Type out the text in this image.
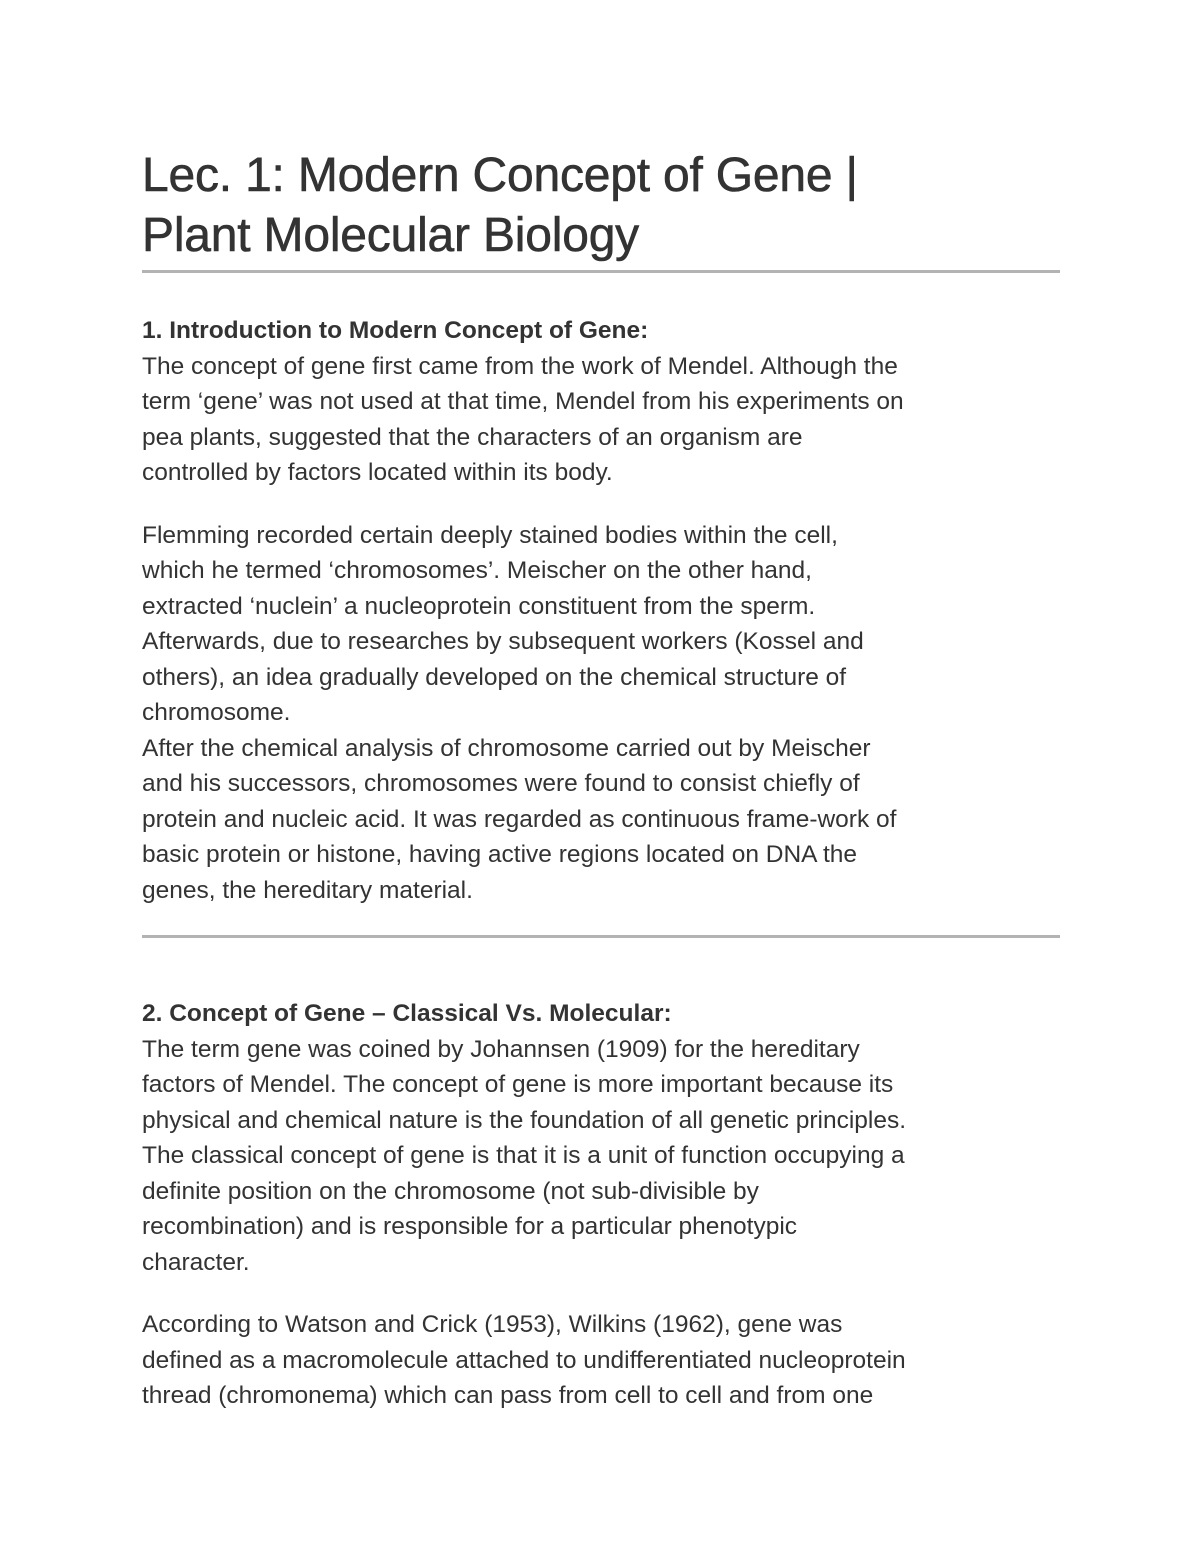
Lec. 1: Modern Concept of Gene |
Plant Molecular Biology
1. Introduction to Modern Concept of Gene:

The concept of gene first came from the work of Mendel. Although the
term ‘gene’ was not used at that time, Mendel from his experiments on
pea plants, suggested that the characters of an organism are
controlled by factors located within its body.

Flemming recorded certain deeply stained bodies within the cell,
which he termed ‘chromosomes’. Meischer on the other hand,
extracted ‘nuclein’ a nucleoprotein constituent from the sperm.
Afterwards, due to researches by subsequent workers (Kossel and
others), an idea gradually developed on the chemical structure of
chromosome.
After the chemical analysis of chromosome carried out by Meischer
and his successors, chromosomes were found to consist chiefly of
protein and nucleic acid. It was regarded as continuous frame-work of
basic protein or histone, having active regions located on DNA the
genes, the hereditary material.

2. Concept of Gene – Classical Vs. Molecular:

The term gene was coined by Johannsen (1909) for the hereditary
factors of Mendel. The concept of gene is more important because its
physical and chemical nature is the foundation of all genetic principles.
The classical concept of gene is that it is a unit of function occupying a
definite position on the chromosome (not sub-divisible by
recombination) and is responsible for a particular phenotypic
character.

According to Watson and Crick (1953), Wilkins (1962), gene was
defined as a macromolecule attached to undifferentiated nucleoprotein
thread (chromonema) which can pass from cell to cell and from one
